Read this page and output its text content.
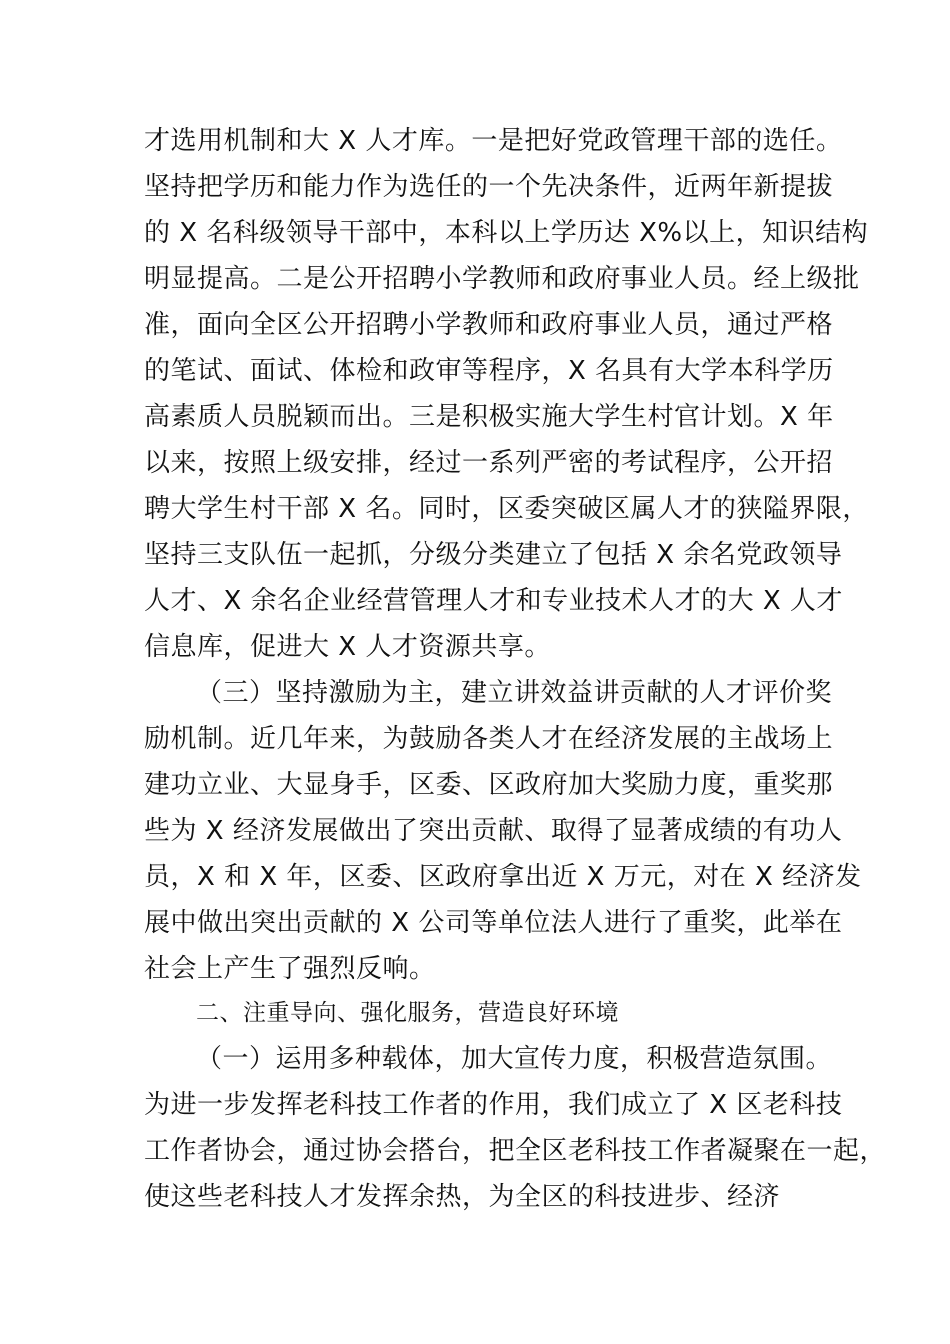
才选用机制和大 X 人才库。一是把好党政管理干部的选任。
坚持把学历和能力作为选任的一个先决条件，近两年新提拔
的 X 名科级领导干部中，本科以上学历达 X%以上，知识结构
明显提高。二是公开招聘小学教师和政府事业人员。经上级批
准，面向全区公开招聘小学教师和政府事业人员，通过严格
的笔试、面试、体检和政审等程序，X 名具有大学本科学历
高素质人员脱颖而出。三是积极实施大学生村官计划。X 年
以来，按照上级安排，经过一系列严密的考试程序，公开招
聘大学生村干部 X 名。同时，区委突破区属人才的狭隘界限，
坚持三支队伍一起抓，分级分类建立了包括 X 余名党政领导
人才、X 余名企业经营管理人才和专业技术人才的大 X 人才
信息库，促进大 X 人才资源共享。
（三）坚持激励为主，建立讲效益讲贡献的人才评价奖
励机制。近几年来，为鼓励各类人才在经济发展的主战场上
建功立业、大显身手，区委、区政府加大奖励力度，重奖那
些为 X 经济发展做出了突出贡献、取得了显著成绩的有功人
员，X 和 X 年，区委、区政府拿出近 X 万元，对在 X 经济发
展中做出突出贡献的 X 公司等单位法人进行了重奖，此举在
社会上产生了强烈反响。
二、注重导向、强化服务，营造良好环境
（一）运用多种载体，加大宣传力度，积极营造氛围。
为进一步发挥老科技工作者的作用，我们成立了 X 区老科技
工作者协会，通过协会搭台，把全区老科技工作者凝聚在一起，
使这些老科技人才发挥余热，为全区的科技进步、经济
